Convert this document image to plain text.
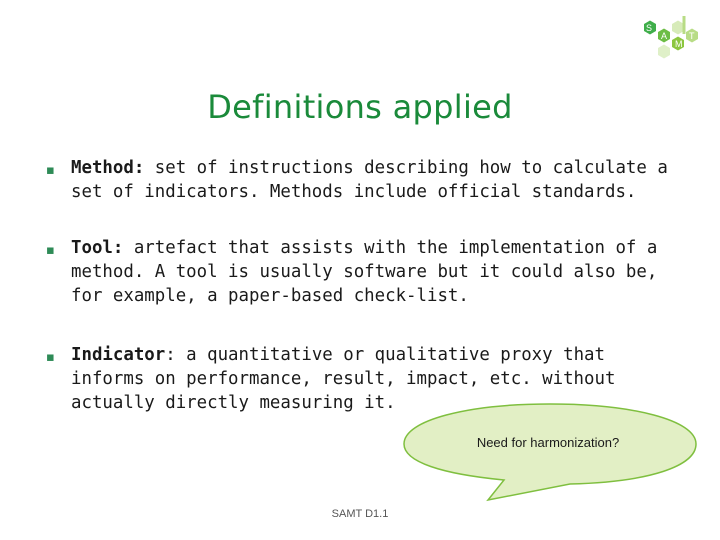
S
A
M
T
Definitions applied
▪ Method: set of instructions describing how to calculate a set of indicators. Methods include official standards.
▪ Tool: artefact that assists with the implementation of a method. A tool is usually software but it could also be, for example, a paper-based check-list.
▪ Indicator: a quantitative or qualitative proxy that informs on performance, result, impact, etc. without actually directly measuring it.
Need for harmonization?
SAMT D1.1
